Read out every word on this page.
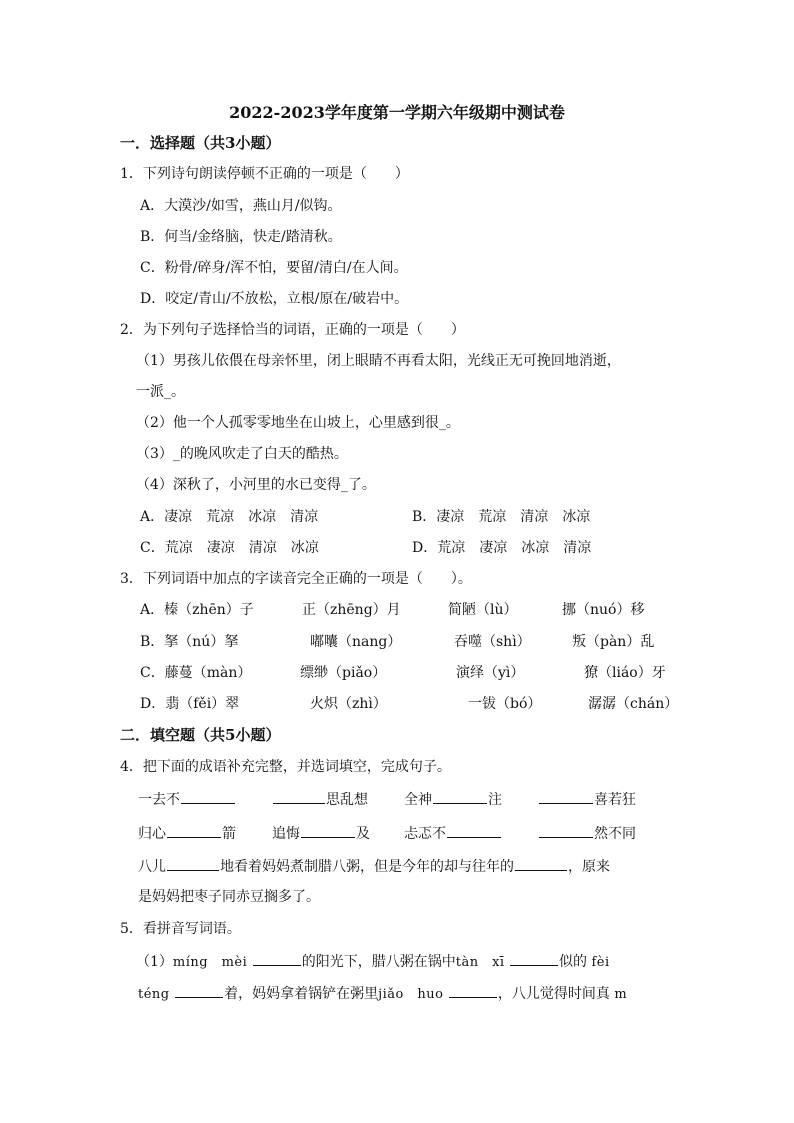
2022-2023学年度第一学期六年级期中测试卷
一．选择题（共3小题）
1．下列诗句朗读停顿不正确的一项是（　　）
A．大漠沙/如雪，燕山月/似钩。
B．何当/金络脑，快走/踏清秋。
C．粉骨/碎身/浑不怕，要留/清白/在人间。
D．咬定/青山/不放松，立根/原在/破岩中。
2．为下列句子选择恰当的词语，正确的一项是（　　）
（1）男孩儿依偎在母亲怀里，闭上眼睛不再看太阳，光线正无可挽回地消逝，
一派_。
（2）他一个人孤零零地坐在山坡上，心里感到很_。
（3）_的晚风吹走了白天的酷热。
（4）深秋了，小河里的水已变得_了。
A．凄凉　荒凉　冰凉　清凉	B．凄凉　荒凉　清凉　冰凉
C．荒凉　凄凉　清凉　冰凉	D．荒凉　凄凉　冰凉　清凉
3．下列词语中加点的字读音完全正确的一项是（　　）。
A．榛（zhēn）子	正（zhēng）月	简陋（lù）	挪（nuó）移
B．拏（nú）拏	嘟囔（nang）	吞噬（shì）	叛（pàn）乱
C．藤蔓（màn）	缥缈（piǎo）	演绎（yì）	獠（liáo）牙
D．翡（fěi）翠	火炽（zhì）	一钹（bó）	潺潺（chán）
二．填空题（共5小题）
4．把下面的成语补充完整，并选词填空，完成句子。
一去不	思乱想	全神	注	喜若狂
归心	箭	追悔	及 忐忑不	然不同
八儿	地看着妈妈煮制腊八粥，但是今年的却与往年的	，原来
是妈妈把枣子同赤豆搁多了。
5．看拼音写词语。
（1）míng　mèi	的阳光下，腊八粥在锅中tàn　xī	似的 fèi
téng	着，妈妈拿着锅铲在粥里jiǎo　huo	，八儿觉得时间真 m
